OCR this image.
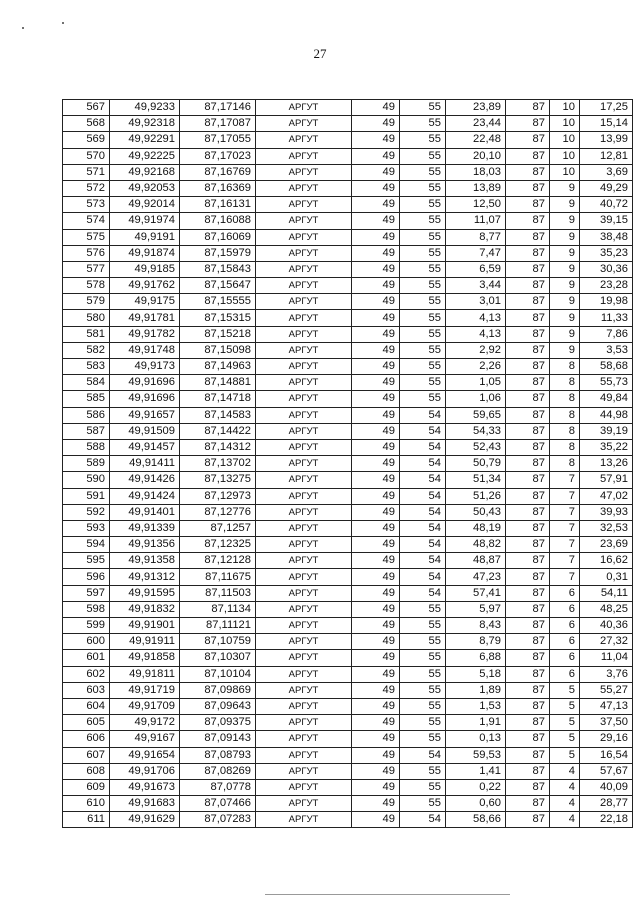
27
567	49,9233	87,17146	АРГУТ	49	55	23,89	87	10	17,25
568	49,92318	87,17087	АРГУТ	49	55	23,44	87	10	15,14
569	49,92291	87,17055	АРГУТ	49	55	22,48	87	10	13,99
570	49,92225	87,17023	АРГУТ	49	55	20,10	87	10	12,81
571	49,92168	87,16769	АРГУТ	49	55	18,03	87	10	3,69
572	49,92053	87,16369	АРГУТ	49	55	13,89	87	9	49,29
573	49,92014	87,16131	АРГУТ	49	55	12,50	87	9	40,72
574	49,91974	87,16088	АРГУТ	49	55	11,07	87	9	39,15
575	49,9191	87,16069	АРГУТ	49	55	8,77	87	9	38,48
576	49,91874	87,15979	АРГУТ	49	55	7,47	87	9	35,23
577	49,9185	87,15843	АРГУТ	49	55	6,59	87	9	30,36
578	49,91762	87,15647	АРГУТ	49	55	3,44	87	9	23,28
579	49,9175	87,15555	АРГУТ	49	55	3,01	87	9	19,98
580	49,91781	87,15315	АРГУТ	49	55	4,13	87	9	11,33
581	49,91782	87,15218	АРГУТ	49	55	4,13	87	9	7,86
582	49,91748	87,15098	АРГУТ	49	55	2,92	87	9	3,53
583	49,9173	87,14963	АРГУТ	49	55	2,26	87	8	58,68
584	49,91696	87,14881	АРГУТ	49	55	1,05	87	8	55,73
585	49,91696	87,14718	АРГУТ	49	55	1,06	87	8	49,84
586	49,91657	87,14583	АРГУТ	49	54	59,65	87	8	44,98
587	49,91509	87,14422	АРГУТ	49	54	54,33	87	8	39,19
588	49,91457	87,14312	АРГУТ	49	54	52,43	87	8	35,22
589	49,91411	87,13702	АРГУТ	49	54	50,79	87	8	13,26
590	49,91426	87,13275	АРГУТ	49	54	51,34	87	7	57,91
591	49,91424	87,12973	АРГУТ	49	54	51,26	87	7	47,02
592	49,91401	87,12776	АРГУТ	49	54	50,43	87	7	39,93
593	49,91339	87,1257	АРГУТ	49	54	48,19	87	7	32,53
594	49,91356	87,12325	АРГУТ	49	54	48,82	87	7	23,69
595	49,91358	87,12128	АРГУТ	49	54	48,87	87	7	16,62
596	49,91312	87,11675	АРГУТ	49	54	47,23	87	7	0,31
597	49,91595	87,11503	АРГУТ	49	54	57,41	87	6	54,11
598	49,91832	87,1134	АРГУТ	49	55	5,97	87	6	48,25
599	49,91901	87,11121	АРГУТ	49	55	8,43	87	6	40,36
600	49,91911	87,10759	АРГУТ	49	55	8,79	87	6	27,32
601	49,91858	87,10307	АРГУТ	49	55	6,88	87	6	11,04
602	49,91811	87,10104	АРГУТ	49	55	5,18	87	6	3,76
603	49,91719	87,09869	АРГУТ	49	55	1,89	87	5	55,27
604	49,91709	87,09643	АРГУТ	49	55	1,53	87	5	47,13
605	49,9172	87,09375	АРГУТ	49	55	1,91	87	5	37,50
606	49,9167	87,09143	АРГУТ	49	55	0,13	87	5	29,16
607	49,91654	87,08793	АРГУТ	49	54	59,53	87	5	16,54
608	49,91706	87,08269	АРГУТ	49	55	1,41	87	4	57,67
609	49,91673	87,0778	АРГУТ	49	55	0,22	87	4	40,09
610	49,91683	87,07466	АРГУТ	49	55	0,60	87	4	28,77
611	49,91629	87,07283	АРГУТ	49	54	58,66	87	4	22,18
